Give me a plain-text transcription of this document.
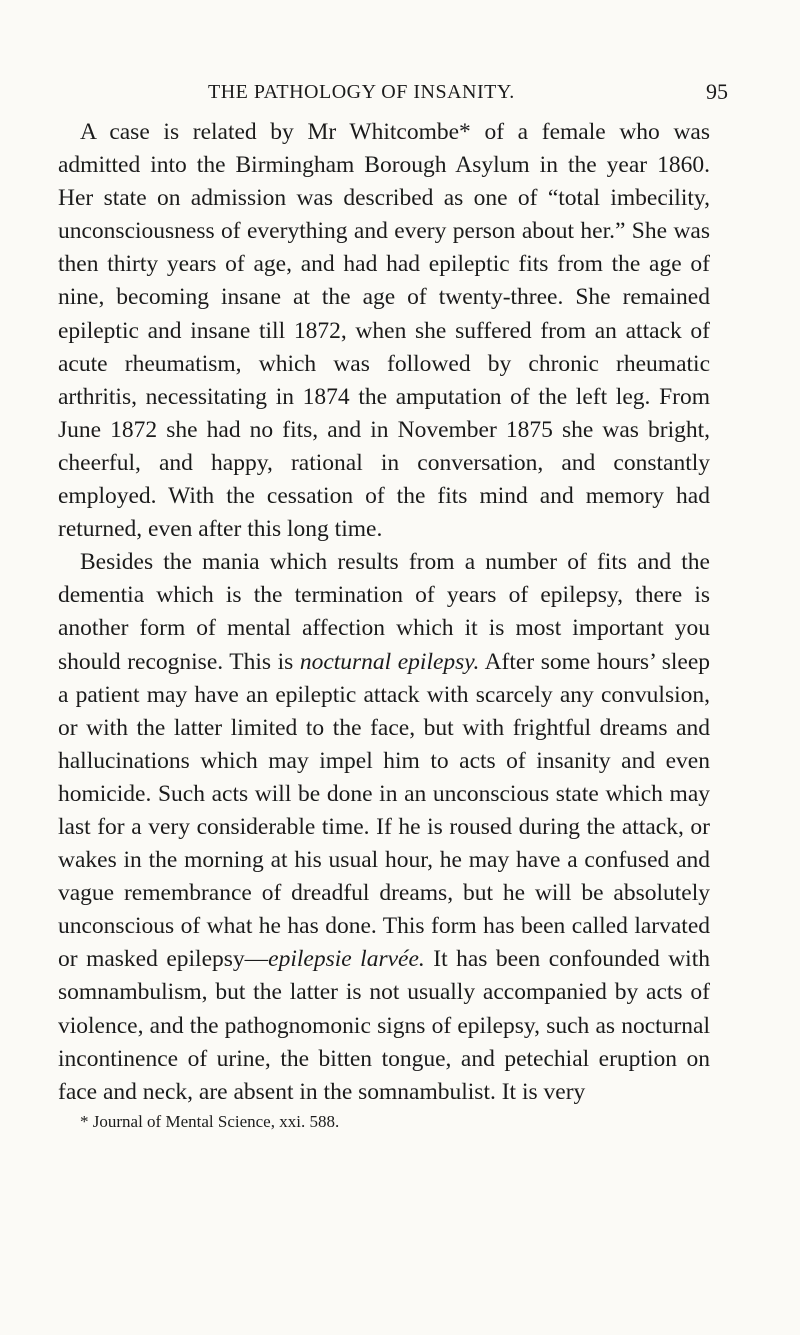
THE PATHOLOGY OF INSANITY.	95

A case is related by Mr Whitcombe* of a female who was admitted into the Birmingham Borough Asylum in the year 1860. Her state on admission was described as one of “total imbecility, unconsciousness of everything and every person about her.” She was then thirty years of age, and had had epileptic fits from the age of nine, becoming insane at the age of twenty-three. She remained epileptic and insane till 1872, when she suffered from an attack of acute rheumatism, which was followed by chronic rheumatic arthritis, necessitating in 1874 the amputation of the left leg. From June 1872 she had no fits, and in November 1875 she was bright, cheerful, and happy, rational in conversation, and constantly employed. With the cessation of the fits mind and memory had returned, even after this long time.

Besides the mania which results from a number of fits and the dementia which is the termination of years of epilepsy, there is another form of mental affection which it is most important you should recognise. This is nocturnal epilepsy. After some hours’ sleep a patient may have an epileptic attack with scarcely any convulsion, or with the latter limited to the face, but with frightful dreams and hallucinations which may impel him to acts of insanity and even homicide. Such acts will be done in an unconscious state which may last for a very considerable time. If he is roused during the attack, or wakes in the morning at his usual hour, he may have a confused and vague remembrance of dreadful dreams, but he will be absolutely unconscious of what he has done. This form has been called larvated or masked epilepsy—epilepsie larvée. It has been confounded with somnambulism, but the latter is not usually accompanied by acts of violence, and the pathognomonic signs of epilepsy, such as nocturnal incontinence of urine, the bitten tongue, and petechial eruption on face and neck, are absent in the somnambulist. It is very

* Journal of Mental Science, xxi. 588.
